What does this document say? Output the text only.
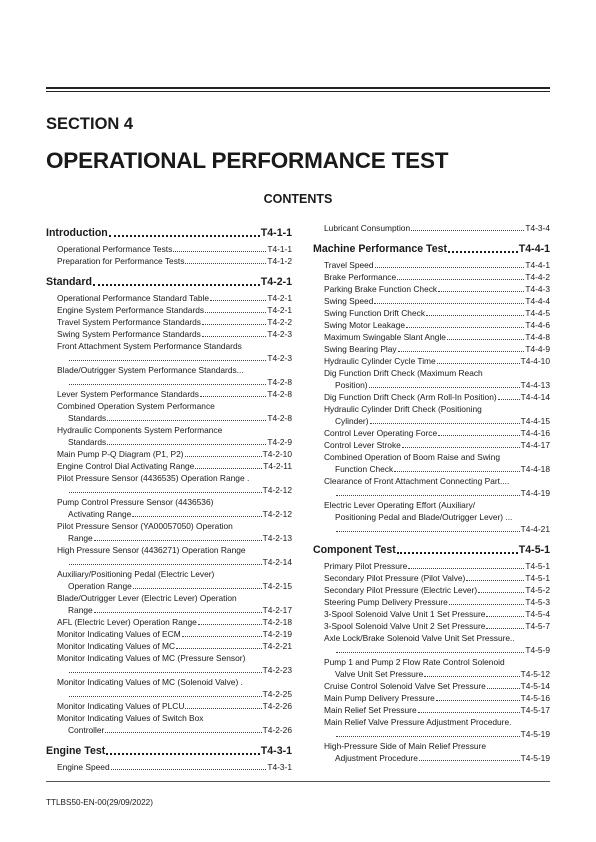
SECTION 4
OPERATIONAL PERFORMANCE TEST
CONTENTS
Introduction	T4-1-1
Operational Performance Tests	T4-1-1
Preparation for Performance Tests	T4-1-2
Standard	T4-2-1
Operational Performance Standard Table	T4-2-1
Engine System Performance Standards	T4-2-1
Travel System Performance Standards	T4-2-2
Swing System Performance Standards	T4-2-3
Front Attachment System Performance Standards
T4-2-3
Blade/Outrigger System Performance Standards...
T4-2-8
Lever System Performance Standards	T4-2-8
Combined Operation System Performance
Standards	T4-2-8
Hydraulic Components System Performance
Standards	T4-2-9
Main Pump P-Q Diagram (P1, P2)	T4-2-10
Engine Control Dial Activating Range	T4-2-11
Pilot Pressure Sensor (4436535) Operation Range .
T4-2-12
Pump Control Pressure Sensor (4436536)
Activating Range	T4-2-12
Pilot Pressure Sensor (YA00057050) Operation
Range	T4-2-13
High Pressure Sensor (4436271) Operation Range
T4-2-14
Auxiliary/Positioning Pedal (Electric Lever)
Operation Range	T4-2-15
Blade/Outrigger Lever (Electric Lever) Operation
Range	T4-2-17
AFL (Electric Lever) Operation Range	T4-2-18
Monitor Indicating Values of ECM	T4-2-19
Monitor Indicating Values of MC	T4-2-21
Monitor Indicating Values of MC (Pressure Sensor)
T4-2-23
Monitor Indicating Values of MC (Solenoid Valve) .
T4-2-25
Monitor Indicating Values of PLCU	T4-2-26
Monitor Indicating Values of Switch Box
Controller	T4-2-26
Engine Test	T4-3-1
Engine Speed	T4-3-1
Lubricant Consumption	T4-3-4
Machine Performance Test	T4-4-1
Travel Speed	T4-4-1
Brake Performance	T4-4-2
Parking Brake Function Check	T4-4-3
Swing Speed	T4-4-4
Swing Function Drift Check	T4-4-5
Swing Motor Leakage	T4-4-6
Maximum Swingable Slant Angle	T4-4-8
Swing Bearing Play	T4-4-9
Hydraulic Cylinder Cycle Time	T4-4-10
Dig Function Drift Check (Maximum Reach
Position)	T4-4-13
Dig Function Drift Check (Arm Roll-In Position)	T4-4-14
Hydraulic Cylinder Drift Check (Positioning
Cylinder)	T4-4-15
Control Lever Operating Force	T4-4-16
Control Lever Stroke	T4-4-17
Combined Operation of Boom Raise and Swing
Function Check	T4-4-18
Clearance of Front Attachment Connecting Part....
T4-4-19
Electric Lever Operating Effort (Auxiliary/
Positioning Pedal and Blade/Outrigger Lever) ...
T4-4-21
Component Test	T4-5-1
Primary Pilot Pressure	T4-5-1
Secondary Pilot Pressure (Pilot Valve)	T4-5-1
Secondary Pilot Pressure (Electric Lever)	T4-5-2
Steering Pump Delivery Pressure	T4-5-3
3-Spool Solenoid Valve Unit 1 Set Pressure	T4-5-4
3-Spool Solenoid Valve Unit 2 Set Pressure	T4-5-7
Axle Lock/Brake Solenoid Valve Unit Set Pressure..
T4-5-9
Pump 1 and Pump 2 Flow Rate Control Solenoid
Valve Unit Set Pressure	T4-5-12
Cruise Control Solenoid Valve Set Pressure	T4-5-14
Main Pump Delivery Pressure	T4-5-16
Main Relief Set Pressure	T4-5-17
Main Relief Valve Pressure Adjustment Procedure.
T4-5-19
High-Pressure Side of Main Relief Pressure
Adjustment Procedure	T4-5-19
TTLBS50-EN-00(29/09/2022)
